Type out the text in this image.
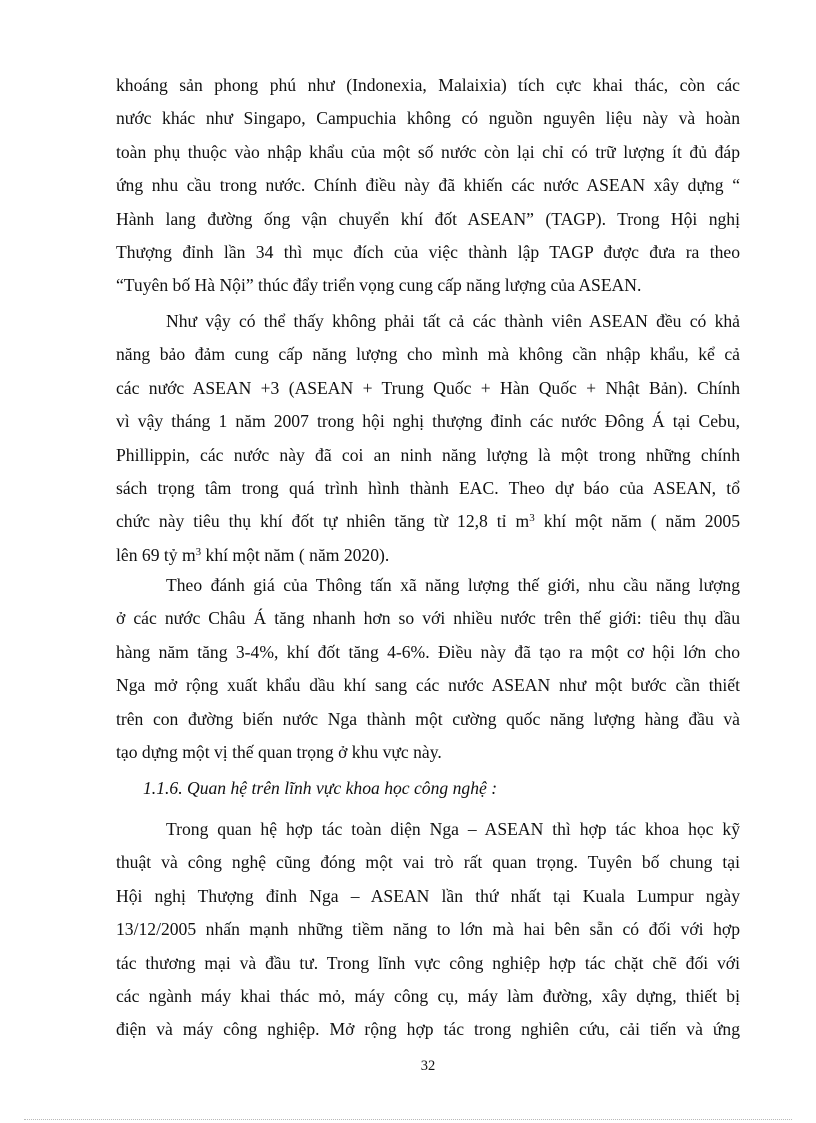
khoáng sản phong phú như (Indonexia, Malaixia) tích cực khai thác, còn các
nước khác như Singapo, Campuchia không có nguồn nguyên liệu này và hoàn
toàn phụ thuộc vào nhập khẩu của một số nước còn lại chỉ có trữ lượng ít đủ đáp
ứng nhu cầu trong nước. Chính điều này đã khiến các nước ASEAN xây dựng “
Hành lang đường ống vận chuyển khí đốt ASEAN” (TAGP). Trong Hội nghị
Thượng đỉnh lần 34 thì mục đích của việc thành lập TAGP được đưa ra theo
“Tuyên bố Hà Nội” thúc đẩy triển vọng cung cấp năng lượng của ASEAN.
Như vậy có thể thấy không phải tất cả các thành viên ASEAN đều có khả
năng bảo đảm cung cấp năng lượng cho mình mà không cần nhập khẩu, kể cả
các nước ASEAN +3 (ASEAN + Trung Quốc + Hàn Quốc + Nhật Bản). Chính
vì vậy tháng 1 năm 2007 trong hội nghị thượng đỉnh các nước Đông Á tại Cebu,
Phillippin, các nước này đã coi an ninh năng lượng là một trong những chính
sách trọng tâm trong quá trình hình thành EAC. Theo dự báo của ASEAN, tổ
chức này tiêu thụ khí đốt tự nhiên tăng từ 12,8 tỉ $m^3$ khí một năm ( năm 2005
lên 69 tỷ $m^3$ khí một năm ( năm 2020).
Theo đánh giá của Thông tấn xã năng lượng thế giới, nhu cầu năng lượng
ở các nước Châu Á tăng nhanh hơn so với nhiều nước trên thế giới: tiêu thụ dầu
hàng năm tăng 3-4%, khí đốt tăng 4-6%. Điều này đã tạo ra một cơ hội lớn cho
Nga mở rộng xuất khẩu dầu khí sang các nước ASEAN như một bước cần thiết
trên con đường biến nước Nga thành một cường quốc năng lượng hàng đầu và
tạo dựng một vị thế quan trọng ở khu vực này.

1.1.6. Quan hệ trên lĩnh vực khoa học công nghệ :

Trong quan hệ hợp tác toàn diện Nga – ASEAN thì hợp tác khoa học kỹ
thuật và công nghệ cũng đóng một vai trò rất quan trọng. Tuyên bố chung tại
Hội nghị Thượng đỉnh Nga – ASEAN lần thứ nhất tại Kuala Lumpur ngày
13/12/2005 nhấn mạnh những tiềm năng to lớn mà hai bên sẵn có đối với hợp
tác thương mại và đầu tư. Trong lĩnh vực công nghiệp hợp tác chặt chẽ đối với
các ngành máy khai thác mỏ, máy công cụ, máy làm đường, xây dựng, thiết bị
điện và máy công nghiệp. Mở rộng hợp tác trong nghiên cứu, cải tiến và ứng
32
